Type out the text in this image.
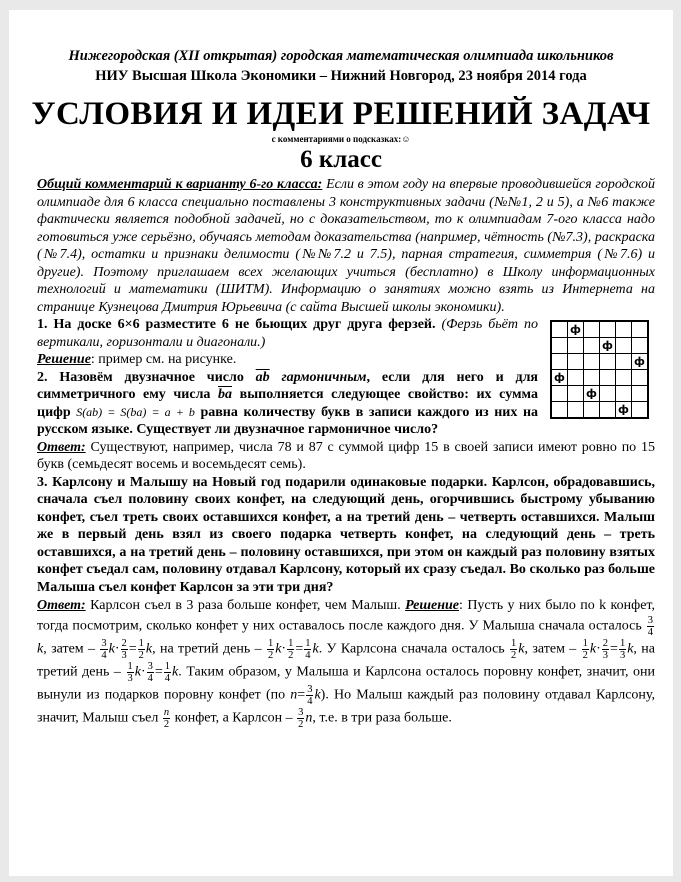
Нижегородская (XII открытая) городская математическая олимпиада школьников
НИУ Высшая Школа Экономики – Нижний Новгород, 23 ноября 2014 года
УСЛОВИЯ И ИДЕИ РЕШЕНИЙ ЗАДАЧ
с комментариями о подсказках:☺
6 класс

Общий комментарий к варианту 6-го класса: Если в этом году на впервые проводившейся городской олимпиаде для 6 класса специально поставлены 3 конструктивных задачи (№№1, 2 и 5), а №6 также фактически является подобной задачей, но с доказательством, то к олимпиадам 7-ого класса надо готовиться уже серьёзно, обучаясь методам доказательства (например, чётность (№7.3), раскраска (№7.4), остатки и признаки делимости (№№7.2 и 7.5), парная стратегия, симметрия (№7.6) и другие). Поэтому приглашаем всех желающих учиться (бесплатно) в Школу информационных технологий и математики (ШИТМ). Информацию о занятиях можно взять из Интернета на странице Кузнецова Дмитрия Юрьевича (с сайта Высшей школы экономики).

	ф				
			ф		
					ф
ф					
		ф			
				ф	

1. На доске 6×6 разместите 6 не бьющих друг друга ферзей. (Ферзь бьёт по вертикали, горизонтали и диагонали.)

Решение: пример см. на рисунке.

2. Назовём двузначное число $\overline{ab}$ гармоничным, если для него и для симметричного ему числа $\overline{ba}$ выполняется следующее свойство: их сумма цифр S(ab) = S(ba) = a + b равна количеству букв в записи каждого из них на русском языке. Существует ли двузначное гармоничное число?

Ответ: Существуют, например, числа 78 и 87 с суммой цифр 15 в своей записи имеют ровно по 15 букв (семьдесят восемь и восемьдесят семь).

3. Карлсону и Малышу на Новый год подарили одинаковые подарки. Карлсон, обрадовавшись, сначала съел половину своих конфет, на следующий день, огорчившись быстрому убыванию конфет, съел треть своих оставшихся конфет, а на третий день – четверть оставшихся. Малыш же в первый день взял из своего подарка четверть конфет, на следующий день – треть оставшихся, а на третий день – половину оставшихся, при этом он каждый раз половину взятых конфет съедал сам, половину отдавал Карлсону, который их сразу съедал. Во сколько раз больше Малыша съел конфет Карлсон за эти три дня?

Ответ: Карлсон съел в 3 раза больше конфет, чем Малыш. Решение: Пусть у них было по k конфет, тогда посмотрим, сколько конфет у них оставалось после каждого дня. У Малыша сначала осталось $\frac{3}{4}$
k, затем – $\frac{3}{4} k\cdot \frac{2}{3} = \frac{1}{2} k$, на третий день – $\frac{1}{2} k\cdot \frac{1}{2} = \frac{1}{4} k$. У Карлсона сначала осталось $\frac{1}{2} k$, затем – $\frac{1}{2} k\cdot \frac{2}{3} = \frac{1}{3} k$, на третий день – $\frac{1}{3} k\cdot \frac{3}{4} = \frac{1}{4} k$. Таким образом, у Малыша и Карлсона осталось поровну конфет, значит, они вынули из подарков поровну конфет (по $n= \frac{3}{4} k$). Но Малыш каждый раз половину отдавал Карлсону, значит, Малыш съел $\frac{n}{2}$ конфет, а Карлсон – $\frac{3}{2} n$, т.е. в три раза больше.
